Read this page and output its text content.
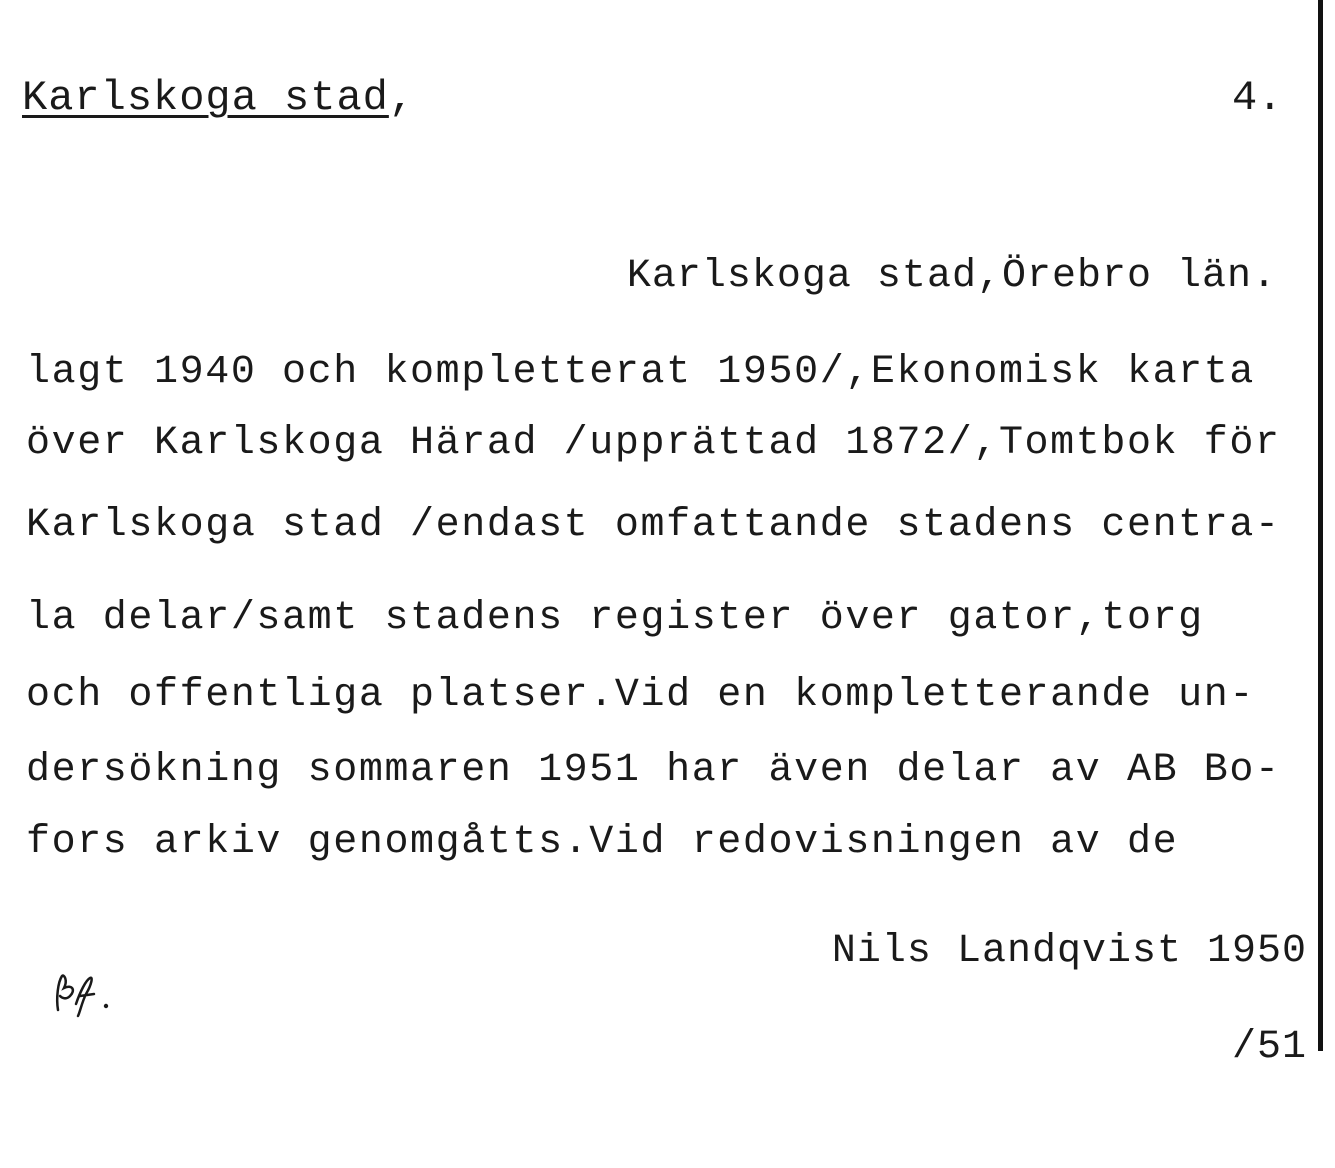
Karlskoga stad,	4.
Karlskoga stad,Örebro län.
lagt 1940 och kompletterat 1950/,Ekonomisk karta
över Karlskoga Härad /upprättad 1872/,Tomtbok för
Karlskoga stad /endast omfattande stadens centra-
la delar/samt stadens register över gator,torg
och offentliga platser.Vid en kompletterande un-
dersökning sommaren 1951 har även delar av AB Bo-
fors arkiv genomgåtts.Vid redovisningen av de

Nils Landqvist 1950

/51
